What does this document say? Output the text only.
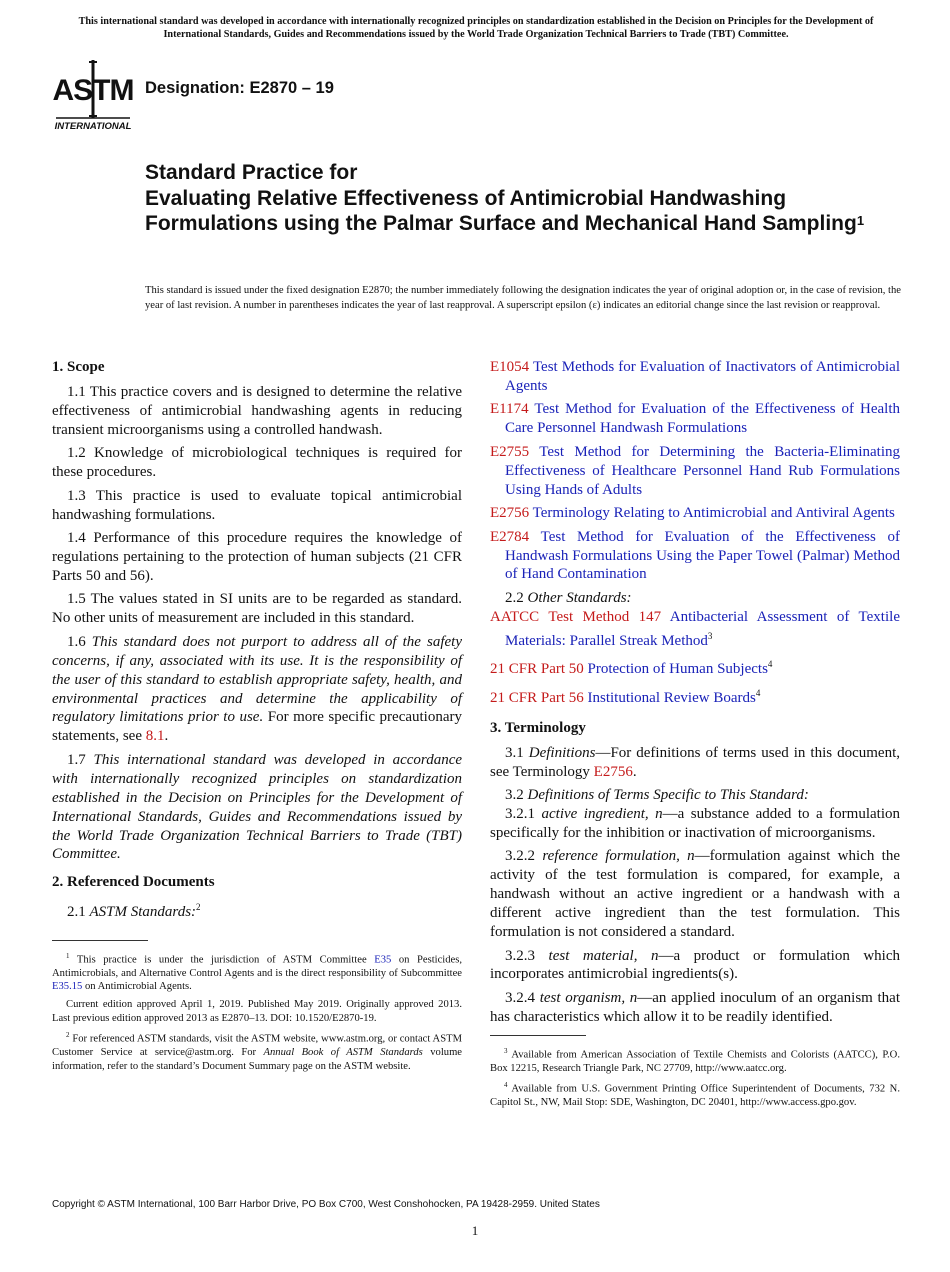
This international standard was developed in accordance with internationally recognized principles on standardization established in the Decision on Principles for the Development of International Standards, Guides and Recommendations issued by the World Trade Organization Technical Barriers to Trade (TBT) Committee.
ASTM
INTERNATIONAL
Designation: E2870 – 19
Standard Practice for
Evaluating Relative Effectiveness of Antimicrobial Handwashing Formulations using the Palmar Surface and Mechanical Hand Sampling$^1$
This standard is issued under the fixed designation E2870; the number immediately following the designation indicates the year of original adoption or, in the case of revision, the year of last revision. A number in parentheses indicates the year of last reapproval. A superscript epsilon (ε) indicates an editorial change since the last revision or reapproval.
1. Scope

1.1 This practice covers and is designed to determine the relative effectiveness of antimicrobial handwashing agents in reducing transient microorganisms using a controlled handwash.

1.2 Knowledge of microbiological techniques is required for these procedures.

1.3 This practice is used to evaluate topical antimicrobial handwashing formulations.

1.4 Performance of this procedure requires the knowledge of regulations pertaining to the protection of human subjects (21 CFR Parts 50 and 56).

1.5 The values stated in SI units are to be regarded as standard. No other units of measurement are included in this standard.

1.6 This standard does not purport to address all of the safety concerns, if any, associated with its use. It is the responsibility of the user of this standard to establish appropriate safety, health, and environmental practices and determine the applicability of regulatory limitations prior to use. For more specific precautionary statements, see 8.1.

1.7 This international standard was developed in accordance with internationally recognized principles on standardization established in the Decision on Principles for the Development of International Standards, Guides and Recommendations issued by the World Trade Organization Technical Barriers to Trade (TBT) Committee.

2. Referenced Documents

2.1 ASTM Standards:$^2$

$^1$ This practice is under the jurisdiction of ASTM Committee E35 on Pesticides, Antimicrobials, and Alternative Control Agents and is the direct responsibility of Subcommittee E35.15 on Antimicrobial Agents.

Current edition approved April 1, 2019. Published May 2019. Originally approved 2013. Last previous edition approved 2013 as E2870–13. DOI: 10.1520/E2870-19.

$^2$ For referenced ASTM standards, visit the ASTM website, www.astm.org, or contact ASTM Customer Service at service@astm.org. For Annual Book of ASTM Standards volume information, refer to the standard’s Document Summary page on the ASTM website.

E1054 Test Methods for Evaluation of Inactivators of Antimicrobial Agents

E1174 Test Method for Evaluation of the Effectiveness of Health Care Personnel Handwash Formulations

E2755 Test Method for Determining the Bacteria-Eliminating Effectiveness of Healthcare Personnel Hand Rub Formulations Using Hands of Adults

E2756 Terminology Relating to Antimicrobial and Antiviral Agents

E2784 Test Method for Evaluation of the Effectiveness of Handwash Formulations Using the Paper Towel (Palmar) Method of Hand Contamination

2.2 Other Standards:

AATCC Test Method 147 Antibacterial Assessment of Textile Materials: Parallel Streak Method$^3$

21 CFR Part 50 Protection of Human Subjects$^4$

21 CFR Part 56 Institutional Review Boards$^4$

3. Terminology

3.1 Definitions—For definitions of terms used in this document, see Terminology E2756.

3.2 Definitions of Terms Specific to This Standard:

3.2.1 active ingredient, n—a substance added to a formulation specifically for the inhibition or inactivation of microorganisms.

3.2.2 reference formulation, n—formulation against which the activity of the test formulation is compared, for example, a handwash without an active ingredient or a handwash with a different active ingredient than the test formulation. This formulation is not considered a standard.

3.2.3 test material, n—a product or formulation which incorporates antimicrobial ingredients(s).

3.2.4 test organism, n—an applied inoculum of an organism that has characteristics which allow it to be readily identified.

$^3$ Available from American Association of Textile Chemists and Colorists (AATCC), P.O. Box 12215, Research Triangle Park, NC 27709, http://www.aatcc.org.

$^4$ Available from U.S. Government Printing Office Superintendent of Documents, 732 N. Capitol St., NW, Mail Stop: SDE, Washington, DC 20401, http://www.access.gpo.gov.

Copyright © ASTM International, 100 Barr Harbor Drive, PO Box C700, West Conshohocken, PA 19428-2959. United States
1
